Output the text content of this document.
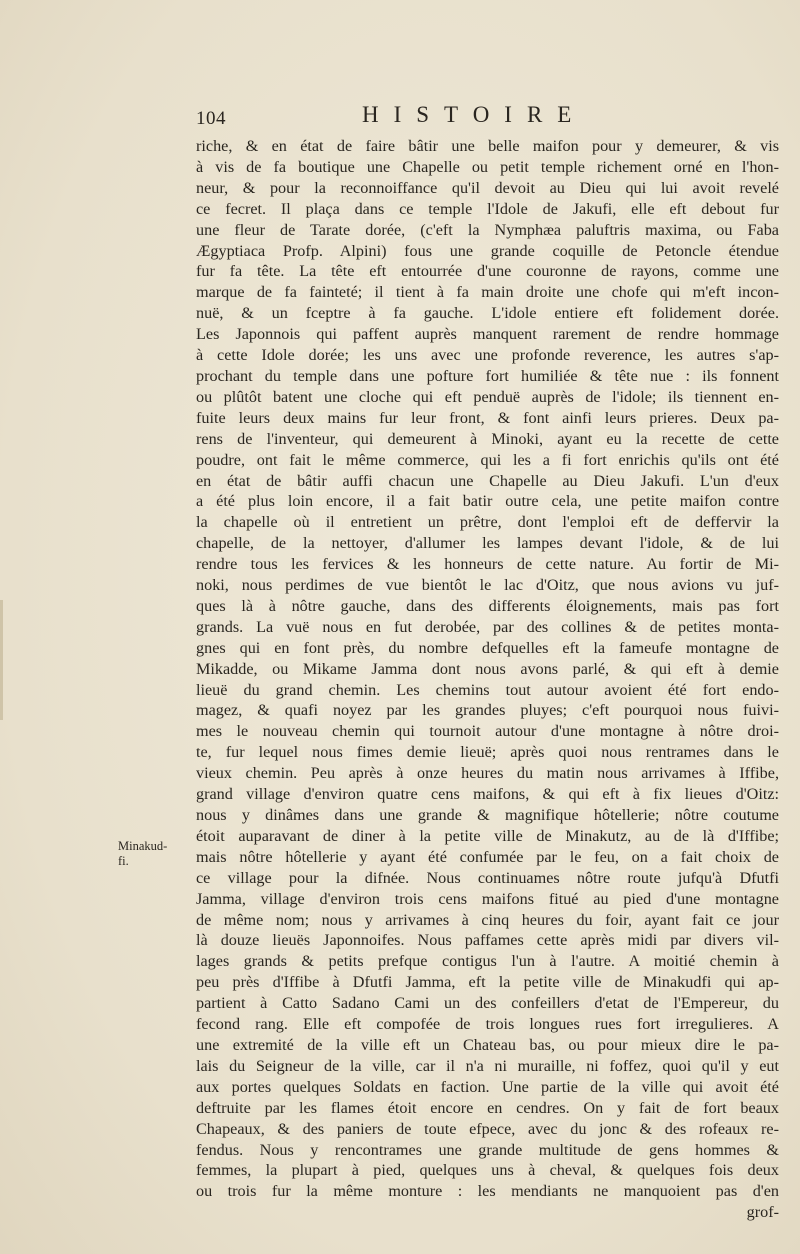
104	HISTOIRE
Minakud-
fi.
riche, & en état de faire bâtir une belle maifon pour y demeurer, & vis
à vis de fa boutique une Chapelle ou petit temple richement orné en l'hon-
neur, & pour la reconnoiffance qu'il devoit au Dieu qui lui avoit revelé
ce fecret. Il plaça dans ce temple l'Idole de Jakufi, elle eft debout fur
une fleur de Tarate dorée, (c'eft la Nymphæa paluftris maxima, ou Faba
Ægyptiaca Profp. Alpini) fous une grande coquille de Petoncle étendue
fur fa tête. La tête eft entourrée d'une couronne de rayons, comme une
marque de fa fainteté; il tient à fa main droite une chofe qui m'eft incon-
nuë, & un fceptre à fa gauche. L'idole entiere eft folidement dorée.
Les Japonnois qui paffent auprès manquent rarement de rendre hommage
à cette Idole dorée; les uns avec une profonde reverence, les autres s'ap-
prochant du temple dans une pofture fort humiliée & tête nue : ils fonnent
ou plûtôt batent une cloche qui eft penduë auprès de l'idole; ils tiennent en-
fuite leurs deux mains fur leur front, & font ainfi leurs prieres. Deux pa-
rens de l'inventeur, qui demeurent à Minoki, ayant eu la recette de cette
poudre, ont fait le même commerce, qui les a fi fort enrichis qu'ils ont été
en état de bâtir auffi chacun une Chapelle au Dieu Jakufi. L'un d'eux
a été plus loin encore, il a fait batir outre cela, une petite maifon contre
la chapelle où il entretient un prêtre, dont l'emploi eft de deffervir la
chapelle, de la nettoyer, d'allumer les lampes devant l'idole, & de lui
rendre tous les fervices & les honneurs de cette nature. Au fortir de Mi-
noki, nous perdimes de vue bientôt le lac d'Oitz, que nous avions vu juf-
ques là à nôtre gauche, dans des differents éloignements, mais pas fort
grands. La vuë nous en fut derobée, par des collines & de petites monta-
gnes qui en font près, du nombre defquelles eft la fameufe montagne de
Mikadde, ou Mikame Jamma dont nous avons parlé, & qui eft à demie
lieuë du grand chemin. Les chemins tout autour avoient été fort endo-
magez, & quafi noyez par les grandes pluyes; c'eft pourquoi nous fuivi-
mes le nouveau chemin qui tournoit autour d'une montagne à nôtre droi-
te, fur lequel nous fimes demie lieuë; après quoi nous rentrames dans le
vieux chemin. Peu après à onze heures du matin nous arrivames à Iffibe,
grand village d'environ quatre cens maifons, & qui eft à fix lieues d'Oitz:
nous y dinâmes dans une grande & magnifique hôtellerie; nôtre coutume
étoit auparavant de diner à la petite ville de Minakutz, au de là d'Iffibe;
mais nôtre hôtellerie y ayant été confumée par le feu, on a fait choix de
ce village pour la difnée. Nous continuames nôtre route jufqu'à Dfutfi
Jamma, village d'environ trois cens maifons fitué au pied d'une montagne
de même nom; nous y arrivames à cinq heures du foir, ayant fait ce jour
là douze lieuës Japonnoifes. Nous paffames cette après midi par divers vil-
lages grands & petits prefque contigus l'un à l'autre. A moitié chemin à
peu près d'Iffibe à Dfutfi Jamma, eft la petite ville de Minakudfi qui ap-
partient à Catto Sadano Cami un des confeillers d'etat de l'Empereur, du
fecond rang. Elle eft compofée de trois longues rues fort irregulieres. A
une extremité de la ville eft un Chateau bas, ou pour mieux dire le pa-
lais du Seigneur de la ville, car il n'a ni muraille, ni foffez, quoi qu'il y eut
aux portes quelques Soldats en faction. Une partie de la ville qui avoit été
deftruite par les flames étoit encore en cendres. On y fait de fort beaux
Chapeaux, & des paniers de toute efpece, avec du jonc & des rofeaux re-
fendus. Nous y rencontrames une grande multitude de gens hommes &
femmes, la plupart à pied, quelques uns à cheval, & quelques fois deux
ou trois fur la même monture : les mendiants ne manquoient pas d'en
grof-
